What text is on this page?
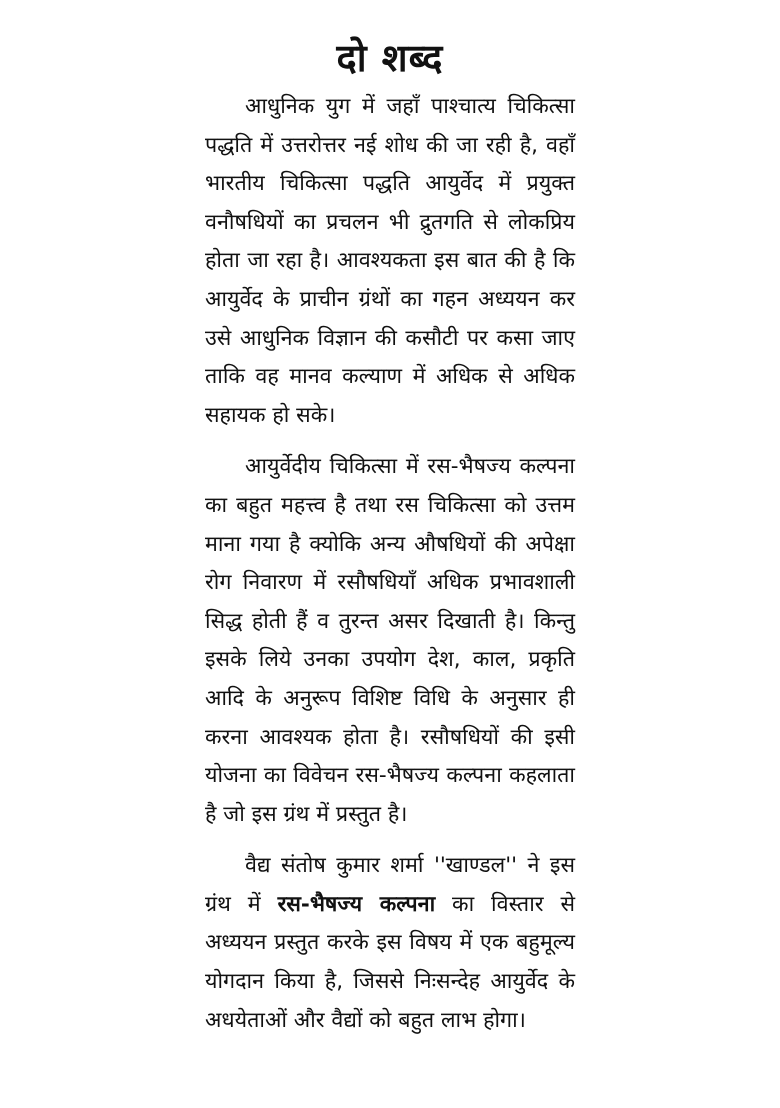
दो शब्द

आधुनिक युग में जहाँ पाश्चात्य चिकित्सा पद्धति में उत्तरोत्तर नई शोध की जा रही है, वहाँ भारतीय चिकित्सा पद्धति आयुर्वेद में प्रयुक्त वनौषधियों का प्रचलन भी द्रुतगति से लोकप्रिय होता जा रहा है। आवश्यकता इस बात की है कि आयुर्वेद के प्राचीन ग्रंथों का गहन अध्ययन कर उसे आधुनिक विज्ञान की कसौटी पर कसा जाए ताकि वह मानव कल्याण में अधिक से अधिक सहायक हो सके।

आयुर्वेदीय चिकित्सा में रस-भैषज्य कल्पना का बहुत महत्त्व है तथा रस चिकित्सा को उत्तम माना गया है क्योकि अन्य औषधियों की अपेक्षा रोग निवारण में रसौषधियाँ अधिक प्रभावशाली सिद्ध होती हैं व तुरन्त असर दिखाती है। किन्तु इसके लिये उनका उपयोग देश, काल, प्रकृति आदि के अनुरूप विशिष्ट विधि के अनुसार ही करना आवश्यक होता है। रसौषधियों की इसी योजना का विवेचन रस-भैषज्य कल्पना कहलाता है जो इस ग्रंथ में प्रस्तुत है।

वैद्य संतोष कुमार शर्मा ''खाण्डल'' ने इस ग्रंथ में रस-भैषज्य कल्पना का विस्तार से अध्ययन प्रस्तुत करके इस विषय में एक बहुमूल्य योगदान किया है, जिससे निःसन्देह आयुर्वेद के अधयेताओं और वैद्यों को बहुत लाभ होगा।
